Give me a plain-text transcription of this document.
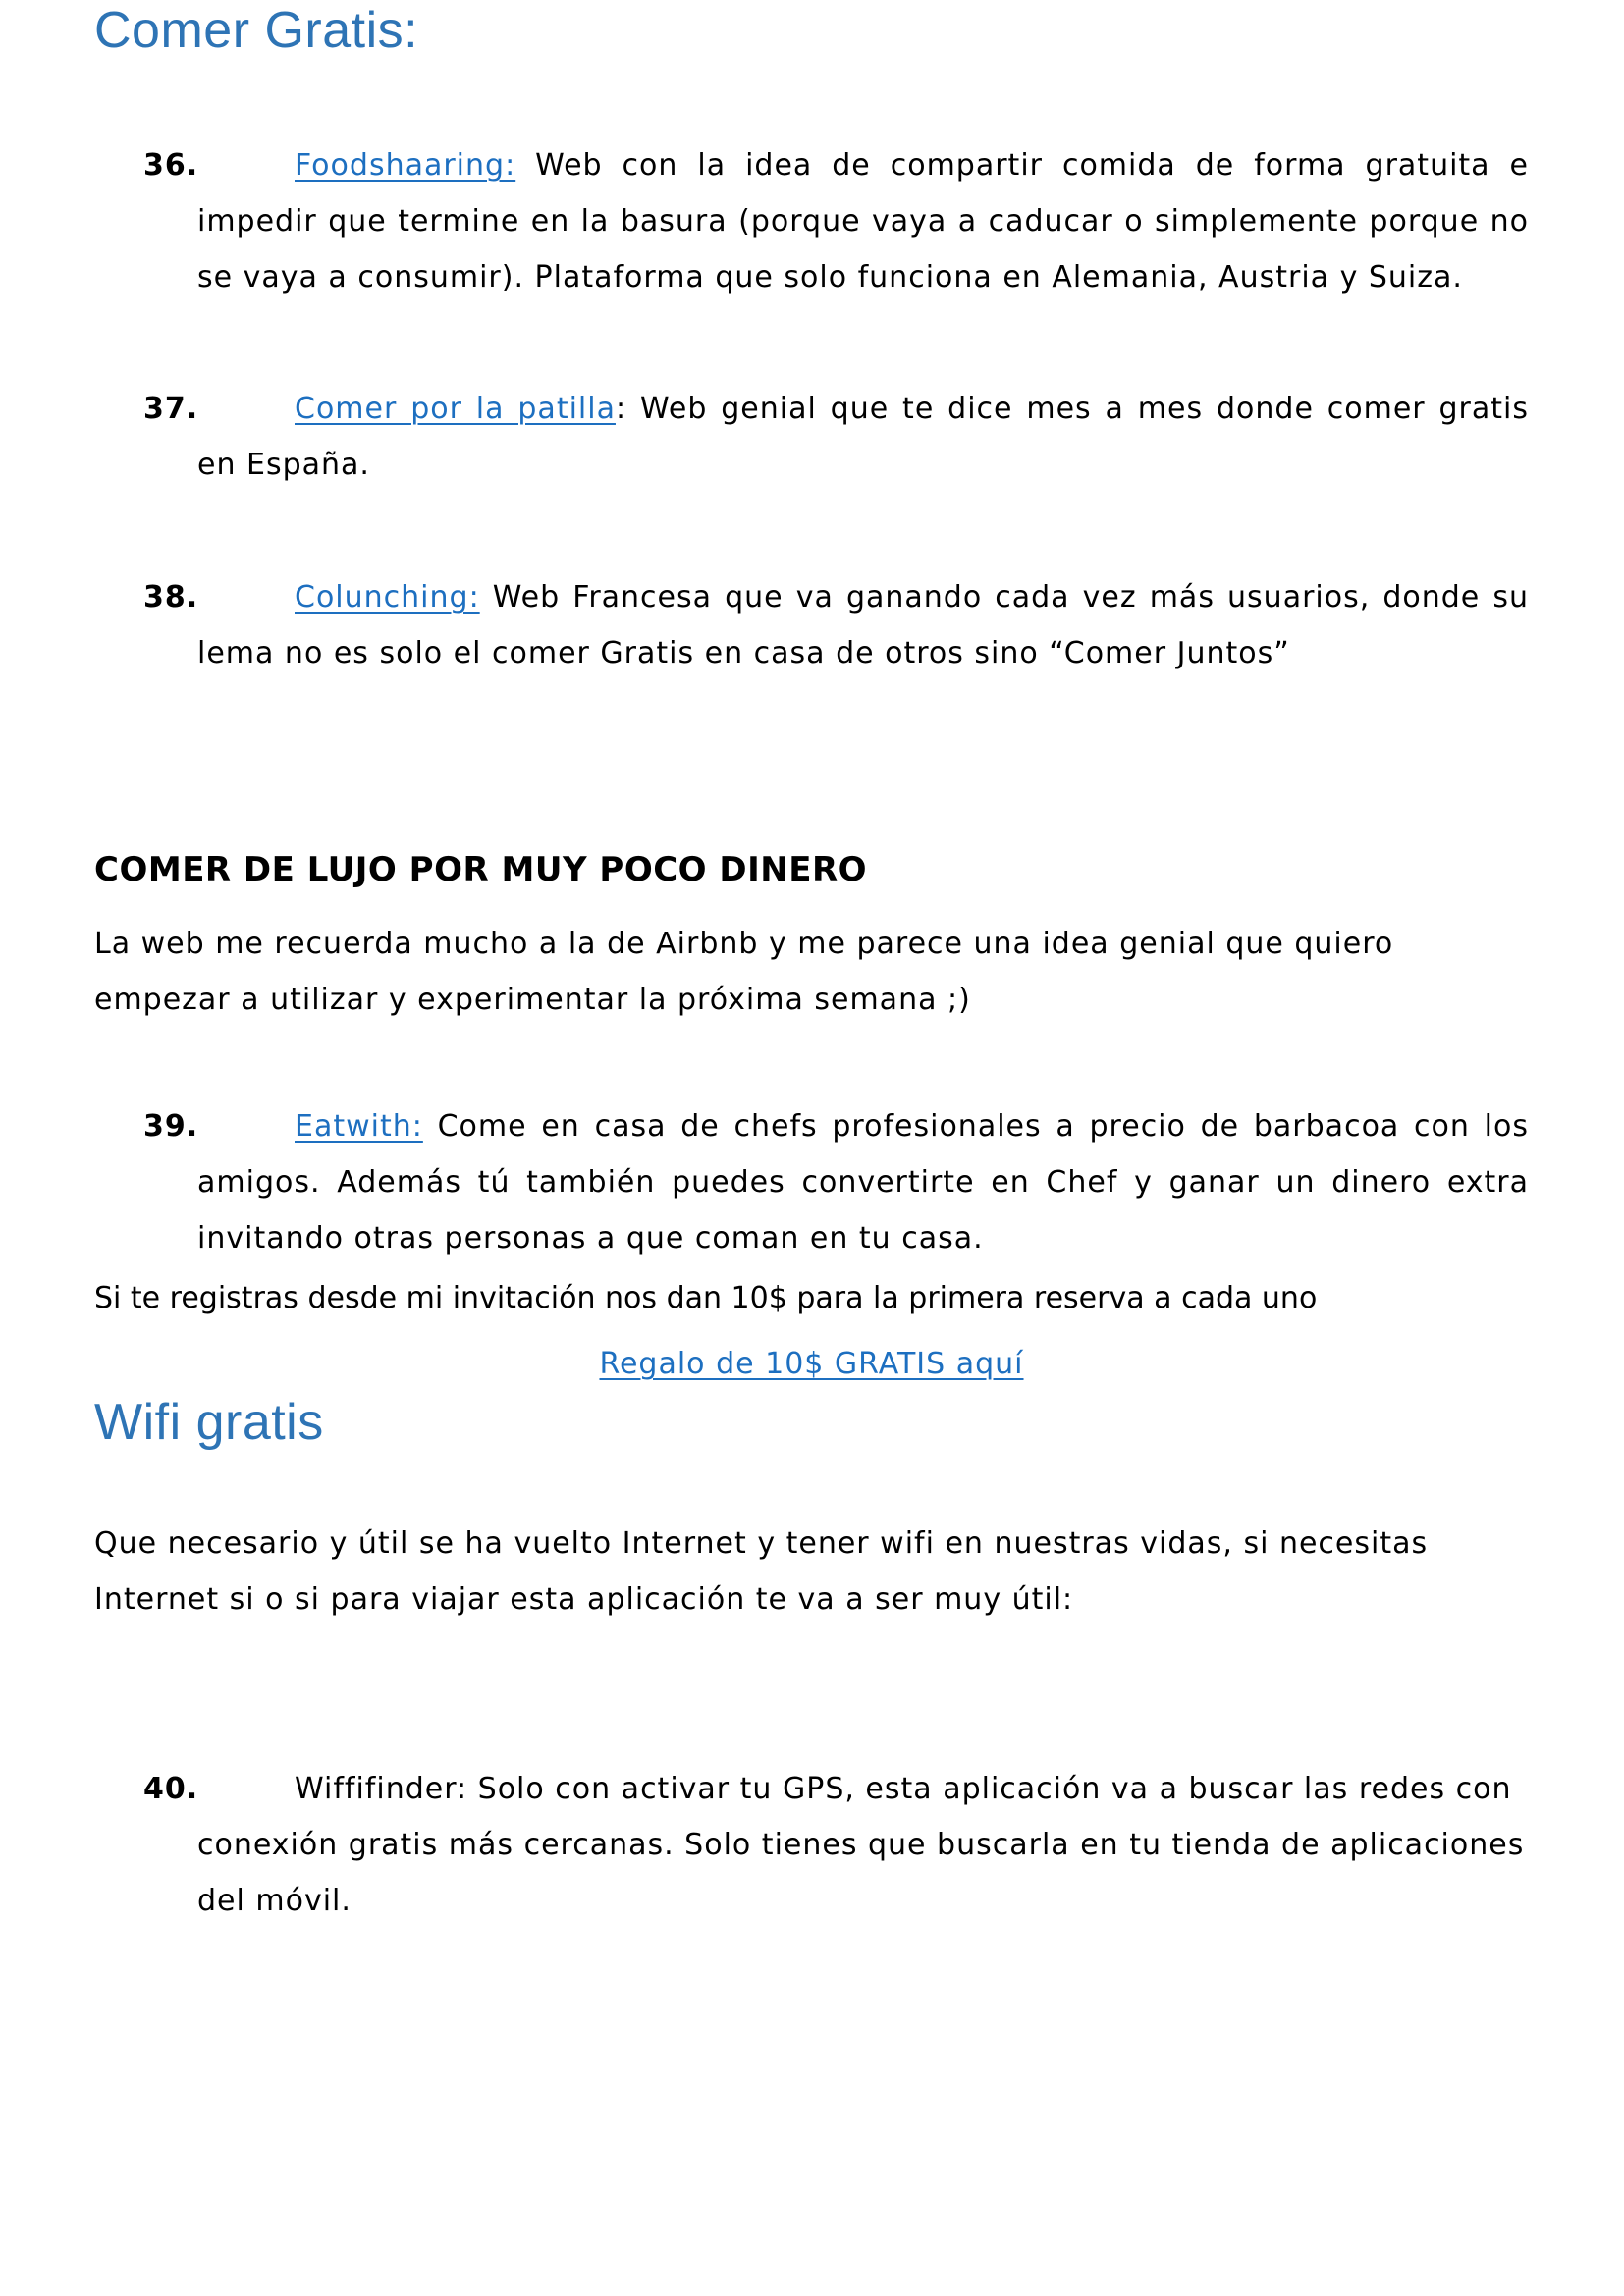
Comer Gratis:
36.	Foodshaaring: Web con la idea de compartir comida de forma gratuita e impedir que termine en la basura (porque vaya a caducar o simplemente porque no se vaya a consumir). Plataforma que solo funciona en Alemania, Austria y Suiza.
37.	Comer por la patilla: Web genial que te dice mes a mes donde comer gratis en España.
38.	Colunching: Web Francesa que va ganando cada vez más usuarios, donde su lema no es solo el comer Gratis en casa de otros sino “Comer Juntos”
COMER DE LUJO POR MUY POCO DINERO

La web me recuerda mucho a la de Airbnb y me parece una idea genial que quiero empezar a utilizar y experimentar la próxima semana ;)

39.	Eatwith: Come en casa de chefs profesionales a precio de barbacoa con los amigos. Además tú también puedes convertirte en Chef y ganar un dinero extra invitando otras personas a que coman en tu casa.

Si te registras desde mi invitación nos dan 10$ para la primera reserva a cada uno

Regalo de 10$ GRATIS aquí
Wifi gratis

Que necesario y útil se ha vuelto Internet y tener wifi en nuestras vidas, si necesitas Internet si o si para viajar esta aplicación te va a ser muy útil:

40.	Wiffifinder: Solo con activar tu GPS, esta aplicación va a buscar las redes con conexión gratis más cercanas. Solo tienes que buscarla en tu tienda de aplicaciones del móvil.
